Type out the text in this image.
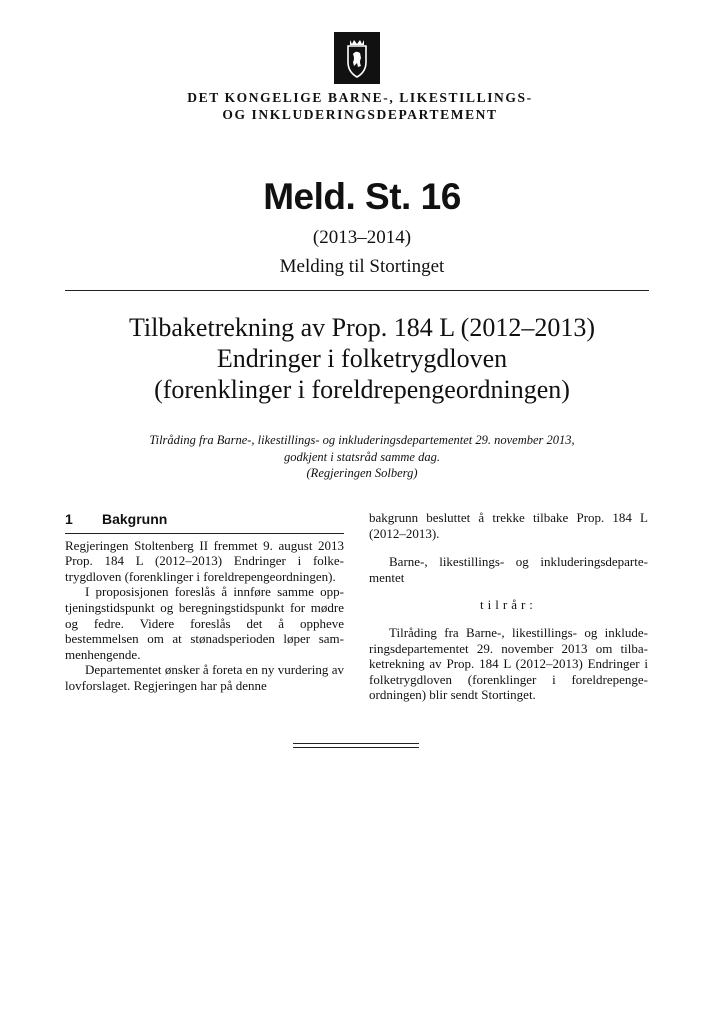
DET KONGELIGE BARNE-, LIKESTILLINGS-
OG INKLUDERINGSDEPARTEMENT
Meld. St. 16
(2013–2014)
Melding til Stortinget
Tilbaketrekning av Prop. 184 L (2012–2013)
Endringer i folketrygdloven
(forenklinger i foreldrepengeordningen)
Tilråding fra Barne-, likestillings- og inkluderingsdepartementet 29. november 2013,
godkjent i statsråd samme dag.
(Regjeringen Solberg)
1 Bakgrunn

Regjeringen Stoltenberg II fremmet 9. august 2013 Prop. 184 L (2012–2013) Endringer i folketrygdloven (forenklinger i foreldrepengeordningen).

I proposisjonen foreslås å innføre samme opptjeningstidspunkt og beregningstidspunkt for mødre og fedre. Videre foreslås det å oppheve bestemmelsen om at stønadsperioden løper sammenhengende.

Departementet ønsker å foreta en ny vurdering av lovforslaget. Regjeringen har på denne

bakgrunn besluttet å trekke tilbake Prop. 184 L (2012–2013).

Barne-, likestillings- og inkluderingsdepartementet

tilrår:

Tilråding fra Barne-, likestillings- og inkluderingsdepartementet 29. november 2013 om tilbaketrekning av Prop. 184 L (2012–2013) Endringer i folketrygdloven (forenklinger i foreldrepengeordningen) blir sendt Stortinget.
